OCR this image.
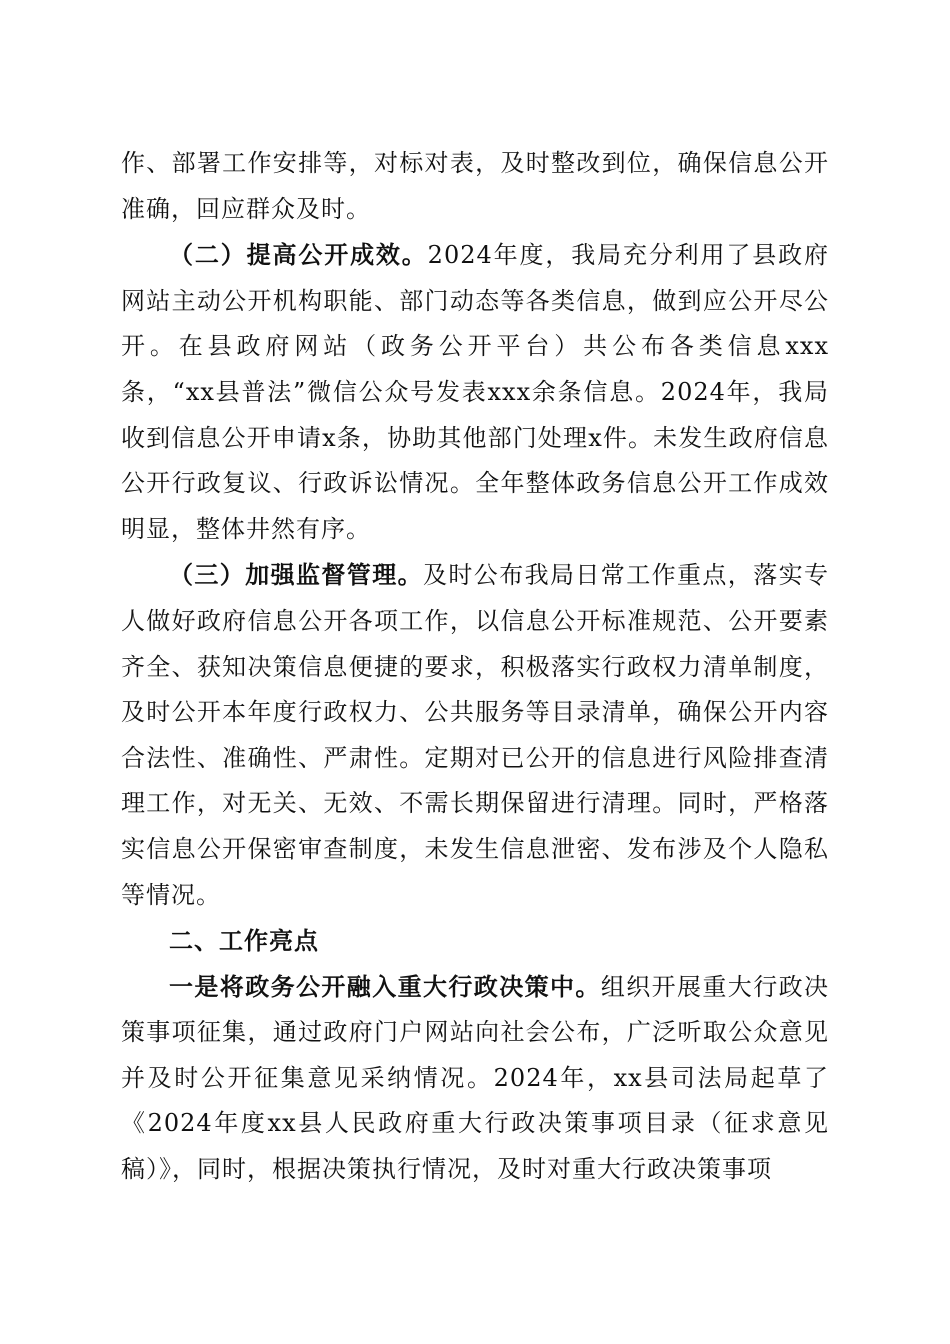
作、部署工作安排等，对标对表，及时整改到位，确保信息公开准确，回应群众及时。

（二）提高公开成效。2024年度，我局充分利用了县政府网站主动公开机构职能、部门动态等各类信息，做到应公开尽公开。在县政府网站（政务公开平台）共公布各类信息xxx条，“xx县普法”微信公众号发表xxx余条信息。2024年，我局收到信息公开申请x条，协助其他部门处理x件。未发生政府信息公开行政复议、行政诉讼情况。全年整体政务信息公开工作成效明显，整体井然有序。

（三）加强监督管理。及时公布我局日常工作重点，落实专人做好政府信息公开各项工作，以信息公开标准规范、公开要素齐全、获知决策信息便捷的要求，积极落实行政权力清单制度，及时公开本年度行政权力、公共服务等目录清单，确保公开内容合法性、准确性、严肃性。定期对已公开的信息进行风险排查清理工作，对无关、无效、不需长期保留进行清理。同时，严格落实信息公开保密审查制度，未发生信息泄密、发布涉及个人隐私等情况。

二、工作亮点

一是将政务公开融入重大行政决策中。组织开展重大行政决策事项征集，通过政府门户网站向社会公布，广泛听取公众意见并及时公开征集意见采纳情况。2024年，xx县司法局起草了《2024年度xx县人民政府重大行政决策事项目录（征求意见稿）》，同时，根据决策执行情况，及时对重大行政决策事项
